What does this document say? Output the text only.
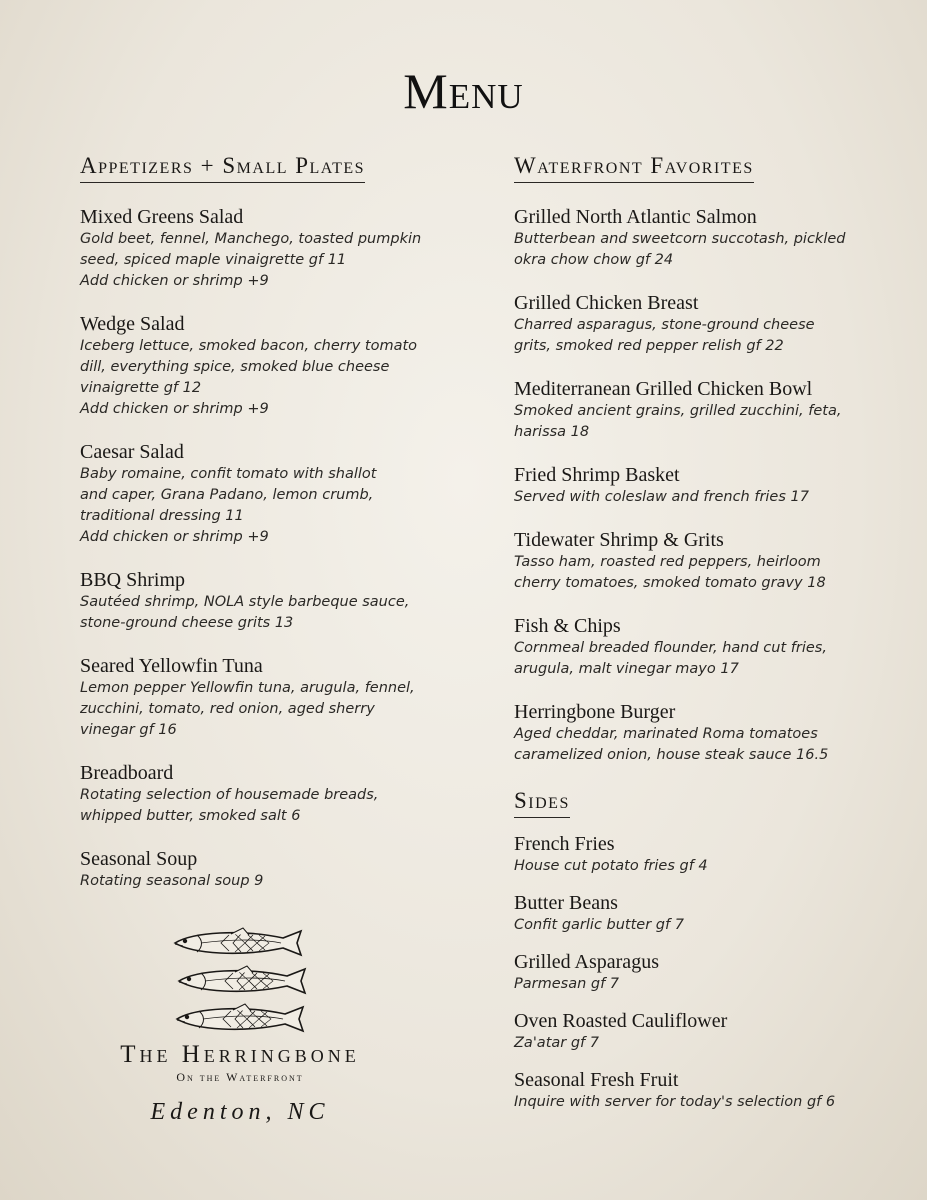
Menu
Appetizers + Small Plates
Mixed Greens Salad
Gold beet, fennel, Manchego, toasted pumpkin
seed, spiced maple vinaigrette gf 11
Add chicken or shrimp +9
Wedge Salad
Iceberg lettuce, smoked bacon, cherry tomato
dill, everything spice, smoked blue cheese
vinaigrette gf 12
Add chicken or shrimp +9
Caesar Salad
Baby romaine, confit tomato with shallot
and caper, Grana Padano, lemon crumb,
traditional dressing 11
Add chicken or shrimp +9
BBQ Shrimp
Sautéed shrimp, NOLA style barbeque sauce,
stone-ground cheese grits 13
Seared Yellowfin Tuna
Lemon pepper Yellowfin tuna, arugula, fennel,
zucchini, tomato, red onion, aged sherry
vinegar gf 16
Breadboard
Rotating selection of housemade breads,
whipped butter, smoked salt 6
Seasonal Soup
Rotating seasonal soup 9
Waterfront Favorites
Grilled North Atlantic Salmon
Butterbean and sweetcorn succotash, pickled
okra chow chow gf 24
Grilled Chicken Breast
Charred asparagus, stone-ground cheese
grits, smoked red pepper relish gf 22
Mediterranean Grilled Chicken Bowl
Smoked ancient grains, grilled zucchini, feta,
harissa 18
Fried Shrimp Basket
Served with coleslaw and french fries 17
Tidewater Shrimp & Grits
Tasso ham, roasted red peppers, heirloom
cherry tomatoes, smoked tomato gravy 18
Fish & Chips
Cornmeal breaded flounder, hand cut fries,
arugula, malt vinegar mayo 17
Herringbone Burger
Aged cheddar, marinated Roma tomatoes
caramelized onion, house steak sauce 16.5
Sides
French Fries
House cut potato fries gf 4
Butter Beans
Confit garlic butter gf 7
Grilled Asparagus
Parmesan gf 7
Oven Roasted Cauliflower
Za'atar gf 7
Seasonal Fresh Fruit
Inquire with server for today's selection gf 6
The Herringbone
On the Waterfront
Edenton, NC
